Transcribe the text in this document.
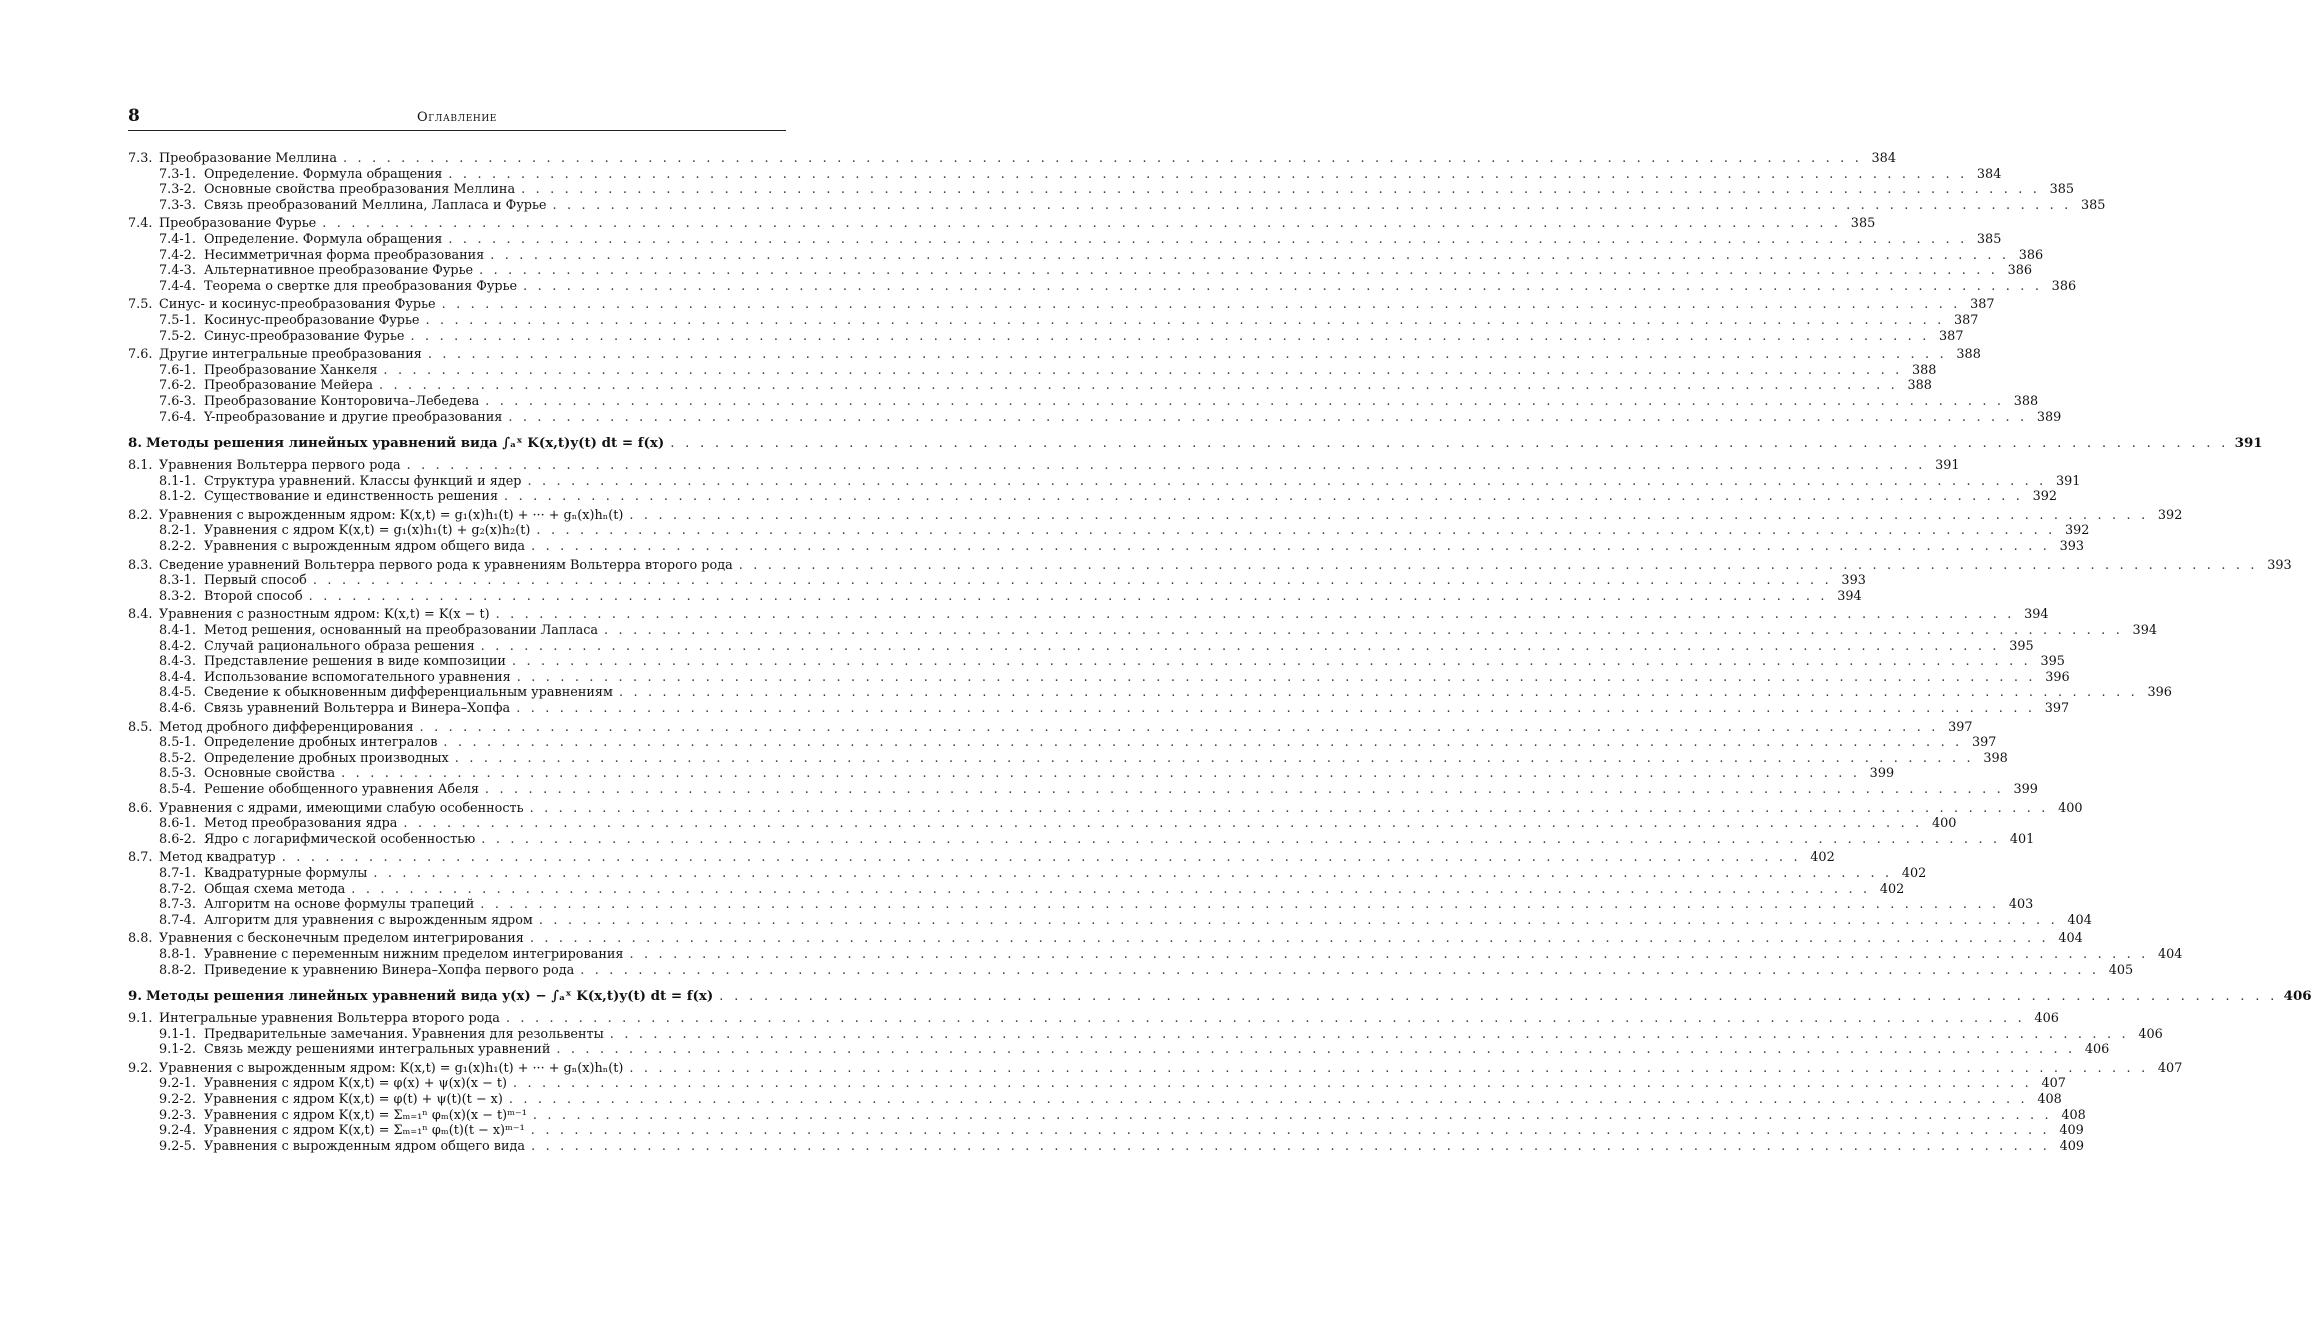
8	Оглавление
7.3. Преобразование Меллина . . . . . . . . . . . . . . . . . . . . . . . . . . . . . . . . . . . . . . . . . . . . . . . . . . . . . . . . . . . . . . . . . . . . . . . . . . . . . . . . . . . . . . . . . . . . . . . . . . . . . . . . . 384
7.3-1. Определение. Формула обращения . . . . . . . . . . . . . . . . . . . . . . . . . . . . . . . . . . . . . . . . . . . . . . . . . . . . . . . . . . . . . . . . . . . . . . . . . . . . . . . . . . . . . . . . . . . . . . . . . . . . . . . . . 384
7.3-2. Основные свойства преобразования Меллина . . . . . . . . . . . . . . . . . . . . . . . . . . . . . . . . . . . . . . . . . . . . . . . . . . . . . . . . . . . . . . . . . . . . . . . . . . . . . . . . . . . . . . . . . . . . . . . . . . . . . . . . . 385
7.3-3. Связь преобразований Меллина, Лапласа и Фурье . . . . . . . . . . . . . . . . . . . . . . . . . . . . . . . . . . . . . . . . . . . . . . . . . . . . . . . . . . . . . . . . . . . . . . . . . . . . . . . . . . . . . . . . . . . . . . . . . . . . . . . . . 385
7.4. Преобразование Фурье . . . . . . . . . . . . . . . . . . . . . . . . . . . . . . . . . . . . . . . . . . . . . . . . . . . . . . . . . . . . . . . . . . . . . . . . . . . . . . . . . . . . . . . . . . . . . . . . . . . . . . . . . 385
7.4-1. Определение. Формула обращения . . . . . . . . . . . . . . . . . . . . . . . . . . . . . . . . . . . . . . . . . . . . . . . . . . . . . . . . . . . . . . . . . . . . . . . . . . . . . . . . . . . . . . . . . . . . . . . . . . . . . . . . . 385
7.4-2. Несимметричная форма преобразования . . . . . . . . . . . . . . . . . . . . . . . . . . . . . . . . . . . . . . . . . . . . . . . . . . . . . . . . . . . . . . . . . . . . . . . . . . . . . . . . . . . . . . . . . . . . . . . . . . . . . . . . . 386
7.4-3. Альтернативное преобразование Фурье . . . . . . . . . . . . . . . . . . . . . . . . . . . . . . . . . . . . . . . . . . . . . . . . . . . . . . . . . . . . . . . . . . . . . . . . . . . . . . . . . . . . . . . . . . . . . . . . . . . . . . . . . 386
7.4-4. Теорема о свертке для преобразования Фурье . . . . . . . . . . . . . . . . . . . . . . . . . . . . . . . . . . . . . . . . . . . . . . . . . . . . . . . . . . . . . . . . . . . . . . . . . . . . . . . . . . . . . . . . . . . . . . . . . . . . . . . . . 386
7.5. Синус- и косинус-преобразования Фурье . . . . . . . . . . . . . . . . . . . . . . . . . . . . . . . . . . . . . . . . . . . . . . . . . . . . . . . . . . . . . . . . . . . . . . . . . . . . . . . . . . . . . . . . . . . . . . . . . . . . . . . . . 387
7.5-1. Косинус-преобразование Фурье . . . . . . . . . . . . . . . . . . . . . . . . . . . . . . . . . . . . . . . . . . . . . . . . . . . . . . . . . . . . . . . . . . . . . . . . . . . . . . . . . . . . . . . . . . . . . . . . . . . . . . . . . 387
7.5-2. Синус-преобразование Фурье . . . . . . . . . . . . . . . . . . . . . . . . . . . . . . . . . . . . . . . . . . . . . . . . . . . . . . . . . . . . . . . . . . . . . . . . . . . . . . . . . . . . . . . . . . . . . . . . . . . . . . . . . 387
7.6. Другие интегральные преобразования . . . . . . . . . . . . . . . . . . . . . . . . . . . . . . . . . . . . . . . . . . . . . . . . . . . . . . . . . . . . . . . . . . . . . . . . . . . . . . . . . . . . . . . . . . . . . . . . . . . . . . . . . 388
7.6-1. Преобразование Ханкеля . . . . . . . . . . . . . . . . . . . . . . . . . . . . . . . . . . . . . . . . . . . . . . . . . . . . . . . . . . . . . . . . . . . . . . . . . . . . . . . . . . . . . . . . . . . . . . . . . . . . . . . . . 388
7.6-2. Преобразование Мейера . . . . . . . . . . . . . . . . . . . . . . . . . . . . . . . . . . . . . . . . . . . . . . . . . . . . . . . . . . . . . . . . . . . . . . . . . . . . . . . . . . . . . . . . . . . . . . . . . . . . . . . . . 388
7.6-3. Преобразование Конторовича–Лебедева . . . . . . . . . . . . . . . . . . . . . . . . . . . . . . . . . . . . . . . . . . . . . . . . . . . . . . . . . . . . . . . . . . . . . . . . . . . . . . . . . . . . . . . . . . . . . . . . . . . . . . . . . 388
7.6-4. Y-преобразование и другие преобразования . . . . . . . . . . . . . . . . . . . . . . . . . . . . . . . . . . . . . . . . . . . . . . . . . . . . . . . . . . . . . . . . . . . . . . . . . . . . . . . . . . . . . . . . . . . . . . . . . . . . . . . . . 389
8. Методы решения линейных уравнений вида ∫ₐˣ K(x,t)y(t) dt = f(x) . . . . . . . . . . . . . . . . . . . . . . . . . . . . . . . . . . . . . . . . . . . . . . . . . . . . . . . . . . . . . . . . . . . . . . . . . . . . . . . . . . . . . . . . . . . . . . . . . . . . . . . . . 391
8.1. Уравнения Вольтерра первого рода . . . . . . . . . . . . . . . . . . . . . . . . . . . . . . . . . . . . . . . . . . . . . . . . . . . . . . . . . . . . . . . . . . . . . . . . . . . . . . . . . . . . . . . . . . . . . . . . . . . . . . . . . 391
8.1-1. Структура уравнений. Классы функций и ядер . . . . . . . . . . . . . . . . . . . . . . . . . . . . . . . . . . . . . . . . . . . . . . . . . . . . . . . . . . . . . . . . . . . . . . . . . . . . . . . . . . . . . . . . . . . . . . . . . . . . . . . . . 391
8.1-2. Существование и единственность решения . . . . . . . . . . . . . . . . . . . . . . . . . . . . . . . . . . . . . . . . . . . . . . . . . . . . . . . . . . . . . . . . . . . . . . . . . . . . . . . . . . . . . . . . . . . . . . . . . . . . . . . . . 392
8.2. Уравнения с вырожденным ядром: K(x,t) = g₁(x)h₁(t) + ··· + gₙ(x)hₙ(t) . . . . . . . . . . . . . . . . . . . . . . . . . . . . . . . . . . . . . . . . . . . . . . . . . . . . . . . . . . . . . . . . . . . . . . . . . . . . . . . . . . . . . . . . . . . . . . . . . . . . . . . . . 392
8.2-1. Уравнения с ядром K(x,t) = g₁(x)h₁(t) + g₂(x)h₂(t) . . . . . . . . . . . . . . . . . . . . . . . . . . . . . . . . . . . . . . . . . . . . . . . . . . . . . . . . . . . . . . . . . . . . . . . . . . . . . . . . . . . . . . . . . . . . . . . . . . . . . . . . . 392
8.2-2. Уравнения с вырожденным ядром общего вида . . . . . . . . . . . . . . . . . . . . . . . . . . . . . . . . . . . . . . . . . . . . . . . . . . . . . . . . . . . . . . . . . . . . . . . . . . . . . . . . . . . . . . . . . . . . . . . . . . . . . . . . . 393
8.3. Сведение уравнений Вольтерра первого рода к уравнениям Вольтерра второго рода . . . . . . . . . . . . . . . . . . . . . . . . . . . . . . . . . . . . . . . . . . . . . . . . . . . . . . . . . . . . . . . . . . . . . . . . . . . . . . . . . . . . . . . . . . . . . . . . . . . . . . . . . 393
8.3-1. Первый способ . . . . . . . . . . . . . . . . . . . . . . . . . . . . . . . . . . . . . . . . . . . . . . . . . . . . . . . . . . . . . . . . . . . . . . . . . . . . . . . . . . . . . . . . . . . . . . . . . . . . . . . . . 393
8.3-2. Второй способ . . . . . . . . . . . . . . . . . . . . . . . . . . . . . . . . . . . . . . . . . . . . . . . . . . . . . . . . . . . . . . . . . . . . . . . . . . . . . . . . . . . . . . . . . . . . . . . . . . . . . . . . . 394
8.4. Уравнения с разностным ядром: K(x,t) = K(x − t) . . . . . . . . . . . . . . . . . . . . . . . . . . . . . . . . . . . . . . . . . . . . . . . . . . . . . . . . . . . . . . . . . . . . . . . . . . . . . . . . . . . . . . . . . . . . . . . . . . . . . . . . . 394
8.4-1. Метод решения, основанный на преобразовании Лапласа . . . . . . . . . . . . . . . . . . . . . . . . . . . . . . . . . . . . . . . . . . . . . . . . . . . . . . . . . . . . . . . . . . . . . . . . . . . . . . . . . . . . . . . . . . . . . . . . . . . . . . . . . 394
8.4-2. Случай рационального образа решения . . . . . . . . . . . . . . . . . . . . . . . . . . . . . . . . . . . . . . . . . . . . . . . . . . . . . . . . . . . . . . . . . . . . . . . . . . . . . . . . . . . . . . . . . . . . . . . . . . . . . . . . . 395
8.4-3. Представление решения в виде композиции . . . . . . . . . . . . . . . . . . . . . . . . . . . . . . . . . . . . . . . . . . . . . . . . . . . . . . . . . . . . . . . . . . . . . . . . . . . . . . . . . . . . . . . . . . . . . . . . . . . . . . . . . 395
8.4-4. Использование вспомогательного уравнения . . . . . . . . . . . . . . . . . . . . . . . . . . . . . . . . . . . . . . . . . . . . . . . . . . . . . . . . . . . . . . . . . . . . . . . . . . . . . . . . . . . . . . . . . . . . . . . . . . . . . . . . . 396
8.4-5. Сведение к обыкновенным дифференциальным уравнениям . . . . . . . . . . . . . . . . . . . . . . . . . . . . . . . . . . . . . . . . . . . . . . . . . . . . . . . . . . . . . . . . . . . . . . . . . . . . . . . . . . . . . . . . . . . . . . . . . . . . . . . . . 396
8.4-6. Связь уравнений Вольтерра и Винера–Хопфа . . . . . . . . . . . . . . . . . . . . . . . . . . . . . . . . . . . . . . . . . . . . . . . . . . . . . . . . . . . . . . . . . . . . . . . . . . . . . . . . . . . . . . . . . . . . . . . . . . . . . . . . . 397
8.5. Метод дробного дифференцирования . . . . . . . . . . . . . . . . . . . . . . . . . . . . . . . . . . . . . . . . . . . . . . . . . . . . . . . . . . . . . . . . . . . . . . . . . . . . . . . . . . . . . . . . . . . . . . . . . . . . . . . . . 397
8.5-1. Определение дробных интегралов . . . . . . . . . . . . . . . . . . . . . . . . . . . . . . . . . . . . . . . . . . . . . . . . . . . . . . . . . . . . . . . . . . . . . . . . . . . . . . . . . . . . . . . . . . . . . . . . . . . . . . . . . 397
8.5-2. Определение дробных производных . . . . . . . . . . . . . . . . . . . . . . . . . . . . . . . . . . . . . . . . . . . . . . . . . . . . . . . . . . . . . . . . . . . . . . . . . . . . . . . . . . . . . . . . . . . . . . . . . . . . . . . . . 398
8.5-3. Основные свойства . . . . . . . . . . . . . . . . . . . . . . . . . . . . . . . . . . . . . . . . . . . . . . . . . . . . . . . . . . . . . . . . . . . . . . . . . . . . . . . . . . . . . . . . . . . . . . . . . . . . . . . . . 399
8.5-4. Решение обобщенного уравнения Абеля . . . . . . . . . . . . . . . . . . . . . . . . . . . . . . . . . . . . . . . . . . . . . . . . . . . . . . . . . . . . . . . . . . . . . . . . . . . . . . . . . . . . . . . . . . . . . . . . . . . . . . . . . 399
8.6. Уравнения с ядрами, имеющими слабую особенность . . . . . . . . . . . . . . . . . . . . . . . . . . . . . . . . . . . . . . . . . . . . . . . . . . . . . . . . . . . . . . . . . . . . . . . . . . . . . . . . . . . . . . . . . . . . . . . . . . . . . . . . . 400
8.6-1. Метод преобразования ядра . . . . . . . . . . . . . . . . . . . . . . . . . . . . . . . . . . . . . . . . . . . . . . . . . . . . . . . . . . . . . . . . . . . . . . . . . . . . . . . . . . . . . . . . . . . . . . . . . . . . . . . . . 400
8.6-2. Ядро с логарифмической особенностью . . . . . . . . . . . . . . . . . . . . . . . . . . . . . . . . . . . . . . . . . . . . . . . . . . . . . . . . . . . . . . . . . . . . . . . . . . . . . . . . . . . . . . . . . . . . . . . . . . . . . . . . . 401
8.7. Метод квадратур . . . . . . . . . . . . . . . . . . . . . . . . . . . . . . . . . . . . . . . . . . . . . . . . . . . . . . . . . . . . . . . . . . . . . . . . . . . . . . . . . . . . . . . . . . . . . . . . . . . . . . . . . 402
8.7-1. Квадратурные формулы . . . . . . . . . . . . . . . . . . . . . . . . . . . . . . . . . . . . . . . . . . . . . . . . . . . . . . . . . . . . . . . . . . . . . . . . . . . . . . . . . . . . . . . . . . . . . . . . . . . . . . . . . 402
8.7-2. Общая схема метода . . . . . . . . . . . . . . . . . . . . . . . . . . . . . . . . . . . . . . . . . . . . . . . . . . . . . . . . . . . . . . . . . . . . . . . . . . . . . . . . . . . . . . . . . . . . . . . . . . . . . . . . . 402
8.7-3. Алгоритм на основе формулы трапеций . . . . . . . . . . . . . . . . . . . . . . . . . . . . . . . . . . . . . . . . . . . . . . . . . . . . . . . . . . . . . . . . . . . . . . . . . . . . . . . . . . . . . . . . . . . . . . . . . . . . . . . . . 403
8.7-4. Алгоритм для уравнения с вырожденным ядром . . . . . . . . . . . . . . . . . . . . . . . . . . . . . . . . . . . . . . . . . . . . . . . . . . . . . . . . . . . . . . . . . . . . . . . . . . . . . . . . . . . . . . . . . . . . . . . . . . . . . . . . . 404
8.8. Уравнения с бесконечным пределом интегрирования . . . . . . . . . . . . . . . . . . . . . . . . . . . . . . . . . . . . . . . . . . . . . . . . . . . . . . . . . . . . . . . . . . . . . . . . . . . . . . . . . . . . . . . . . . . . . . . . . . . . . . . . . 404
8.8-1. Уравнение с переменным нижним пределом интегрирования . . . . . . . . . . . . . . . . . . . . . . . . . . . . . . . . . . . . . . . . . . . . . . . . . . . . . . . . . . . . . . . . . . . . . . . . . . . . . . . . . . . . . . . . . . . . . . . . . . . . . . . . . 404
8.8-2. Приведение к уравнению Винера–Хопфа первого рода . . . . . . . . . . . . . . . . . . . . . . . . . . . . . . . . . . . . . . . . . . . . . . . . . . . . . . . . . . . . . . . . . . . . . . . . . . . . . . . . . . . . . . . . . . . . . . . . . . . . . . . . . 405
9. Методы решения линейных уравнений вида y(x) − ∫ₐˣ K(x,t)y(t) dt = f(x) . . . . . . . . . . . . . . . . . . . . . . . . . . . . . . . . . . . . . . . . . . . . . . . . . . . . . . . . . . . . . . . . . . . . . . . . . . . . . . . . . . . . . . . . . . . . . . . . . . . . . . . . . 406
9.1. Интегральные уравнения Вольтерра второго рода . . . . . . . . . . . . . . . . . . . . . . . . . . . . . . . . . . . . . . . . . . . . . . . . . . . . . . . . . . . . . . . . . . . . . . . . . . . . . . . . . . . . . . . . . . . . . . . . . . . . . . . . . 406
9.1-1. Предварительные замечания. Уравнения для резольвенты . . . . . . . . . . . . . . . . . . . . . . . . . . . . . . . . . . . . . . . . . . . . . . . . . . . . . . . . . . . . . . . . . . . . . . . . . . . . . . . . . . . . . . . . . . . . . . . . . . . . . . . . . 406
9.1-2. Связь между решениями интегральных уравнений . . . . . . . . . . . . . . . . . . . . . . . . . . . . . . . . . . . . . . . . . . . . . . . . . . . . . . . . . . . . . . . . . . . . . . . . . . . . . . . . . . . . . . . . . . . . . . . . . . . . . . . . . 406
9.2. Уравнения с вырожденным ядром: K(x,t) = g₁(x)h₁(t) + ··· + gₙ(x)hₙ(t) . . . . . . . . . . . . . . . . . . . . . . . . . . . . . . . . . . . . . . . . . . . . . . . . . . . . . . . . . . . . . . . . . . . . . . . . . . . . . . . . . . . . . . . . . . . . . . . . . . . . . . . . . 407
9.2-1. Уравнения с ядром K(x,t) = φ(x) + ψ(x)(x − t) . . . . . . . . . . . . . . . . . . . . . . . . . . . . . . . . . . . . . . . . . . . . . . . . . . . . . . . . . . . . . . . . . . . . . . . . . . . . . . . . . . . . . . . . . . . . . . . . . . . . . . . . . 407
9.2-2. Уравнения с ядром K(x,t) = φ(t) + ψ(t)(t − x) . . . . . . . . . . . . . . . . . . . . . . . . . . . . . . . . . . . . . . . . . . . . . . . . . . . . . . . . . . . . . . . . . . . . . . . . . . . . . . . . . . . . . . . . . . . . . . . . . . . . . . . . . 408
9.2-3. Уравнения с ядром K(x,t) = Σₘ₌₁ⁿ φₘ(x)(x − t)ᵐ⁻¹ . . . . . . . . . . . . . . . . . . . . . . . . . . . . . . . . . . . . . . . . . . . . . . . . . . . . . . . . . . . . . . . . . . . . . . . . . . . . . . . . . . . . . . . . . . . . . . . . . . . . . . . . . 408
9.2-4. Уравнения с ядром K(x,t) = Σₘ₌₁ⁿ φₘ(t)(t − x)ᵐ⁻¹ . . . . . . . . . . . . . . . . . . . . . . . . . . . . . . . . . . . . . . . . . . . . . . . . . . . . . . . . . . . . . . . . . . . . . . . . . . . . . . . . . . . . . . . . . . . . . . . . . . . . . . . . . 409
9.2-5. Уравнения с вырожденным ядром общего вида . . . . . . . . . . . . . . . . . . . . . . . . . . . . . . . . . . . . . . . . . . . . . . . . . . . . . . . . . . . . . . . . . . . . . . . . . . . . . . . . . . . . . . . . . . . . . . . . . . . . . . . . . 409
